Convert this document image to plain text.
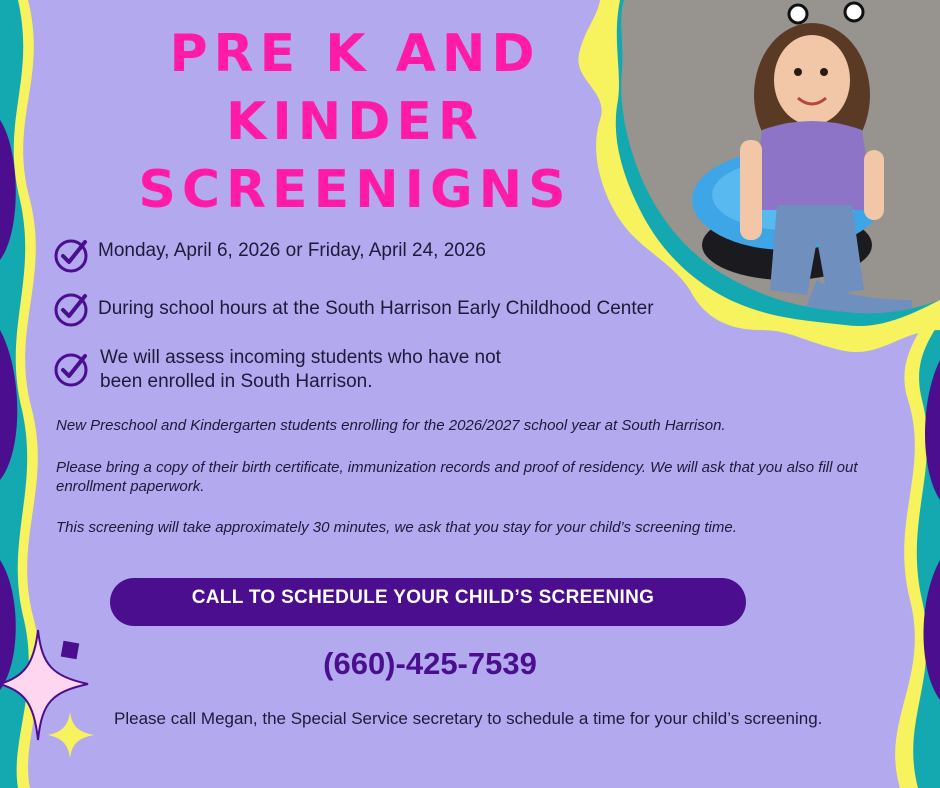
PRE K AND
KINDER
SCREENIGNS
Monday, April 6, 2026 or Friday, April 24, 2026
During school hours at the South Harrison Early Childhood Center
We will assess incoming students who have not
been enrolled in South Harrison.
New Preschool and Kindergarten students enrolling for the 2026/2027 school year at South Harrison.
Please bring a copy of their birth certificate, immunization records and proof of residency. We will ask that you also fill out enrollment paperwork.
This screening will take approximately 30 minutes, we ask that you stay for your child’s screening time.
CALL TO SCHEDULE YOUR CHILD’S SCREENING
(660)-425-7539
Please call Megan, the Special Service secretary to schedule a time for your child’s screening.
